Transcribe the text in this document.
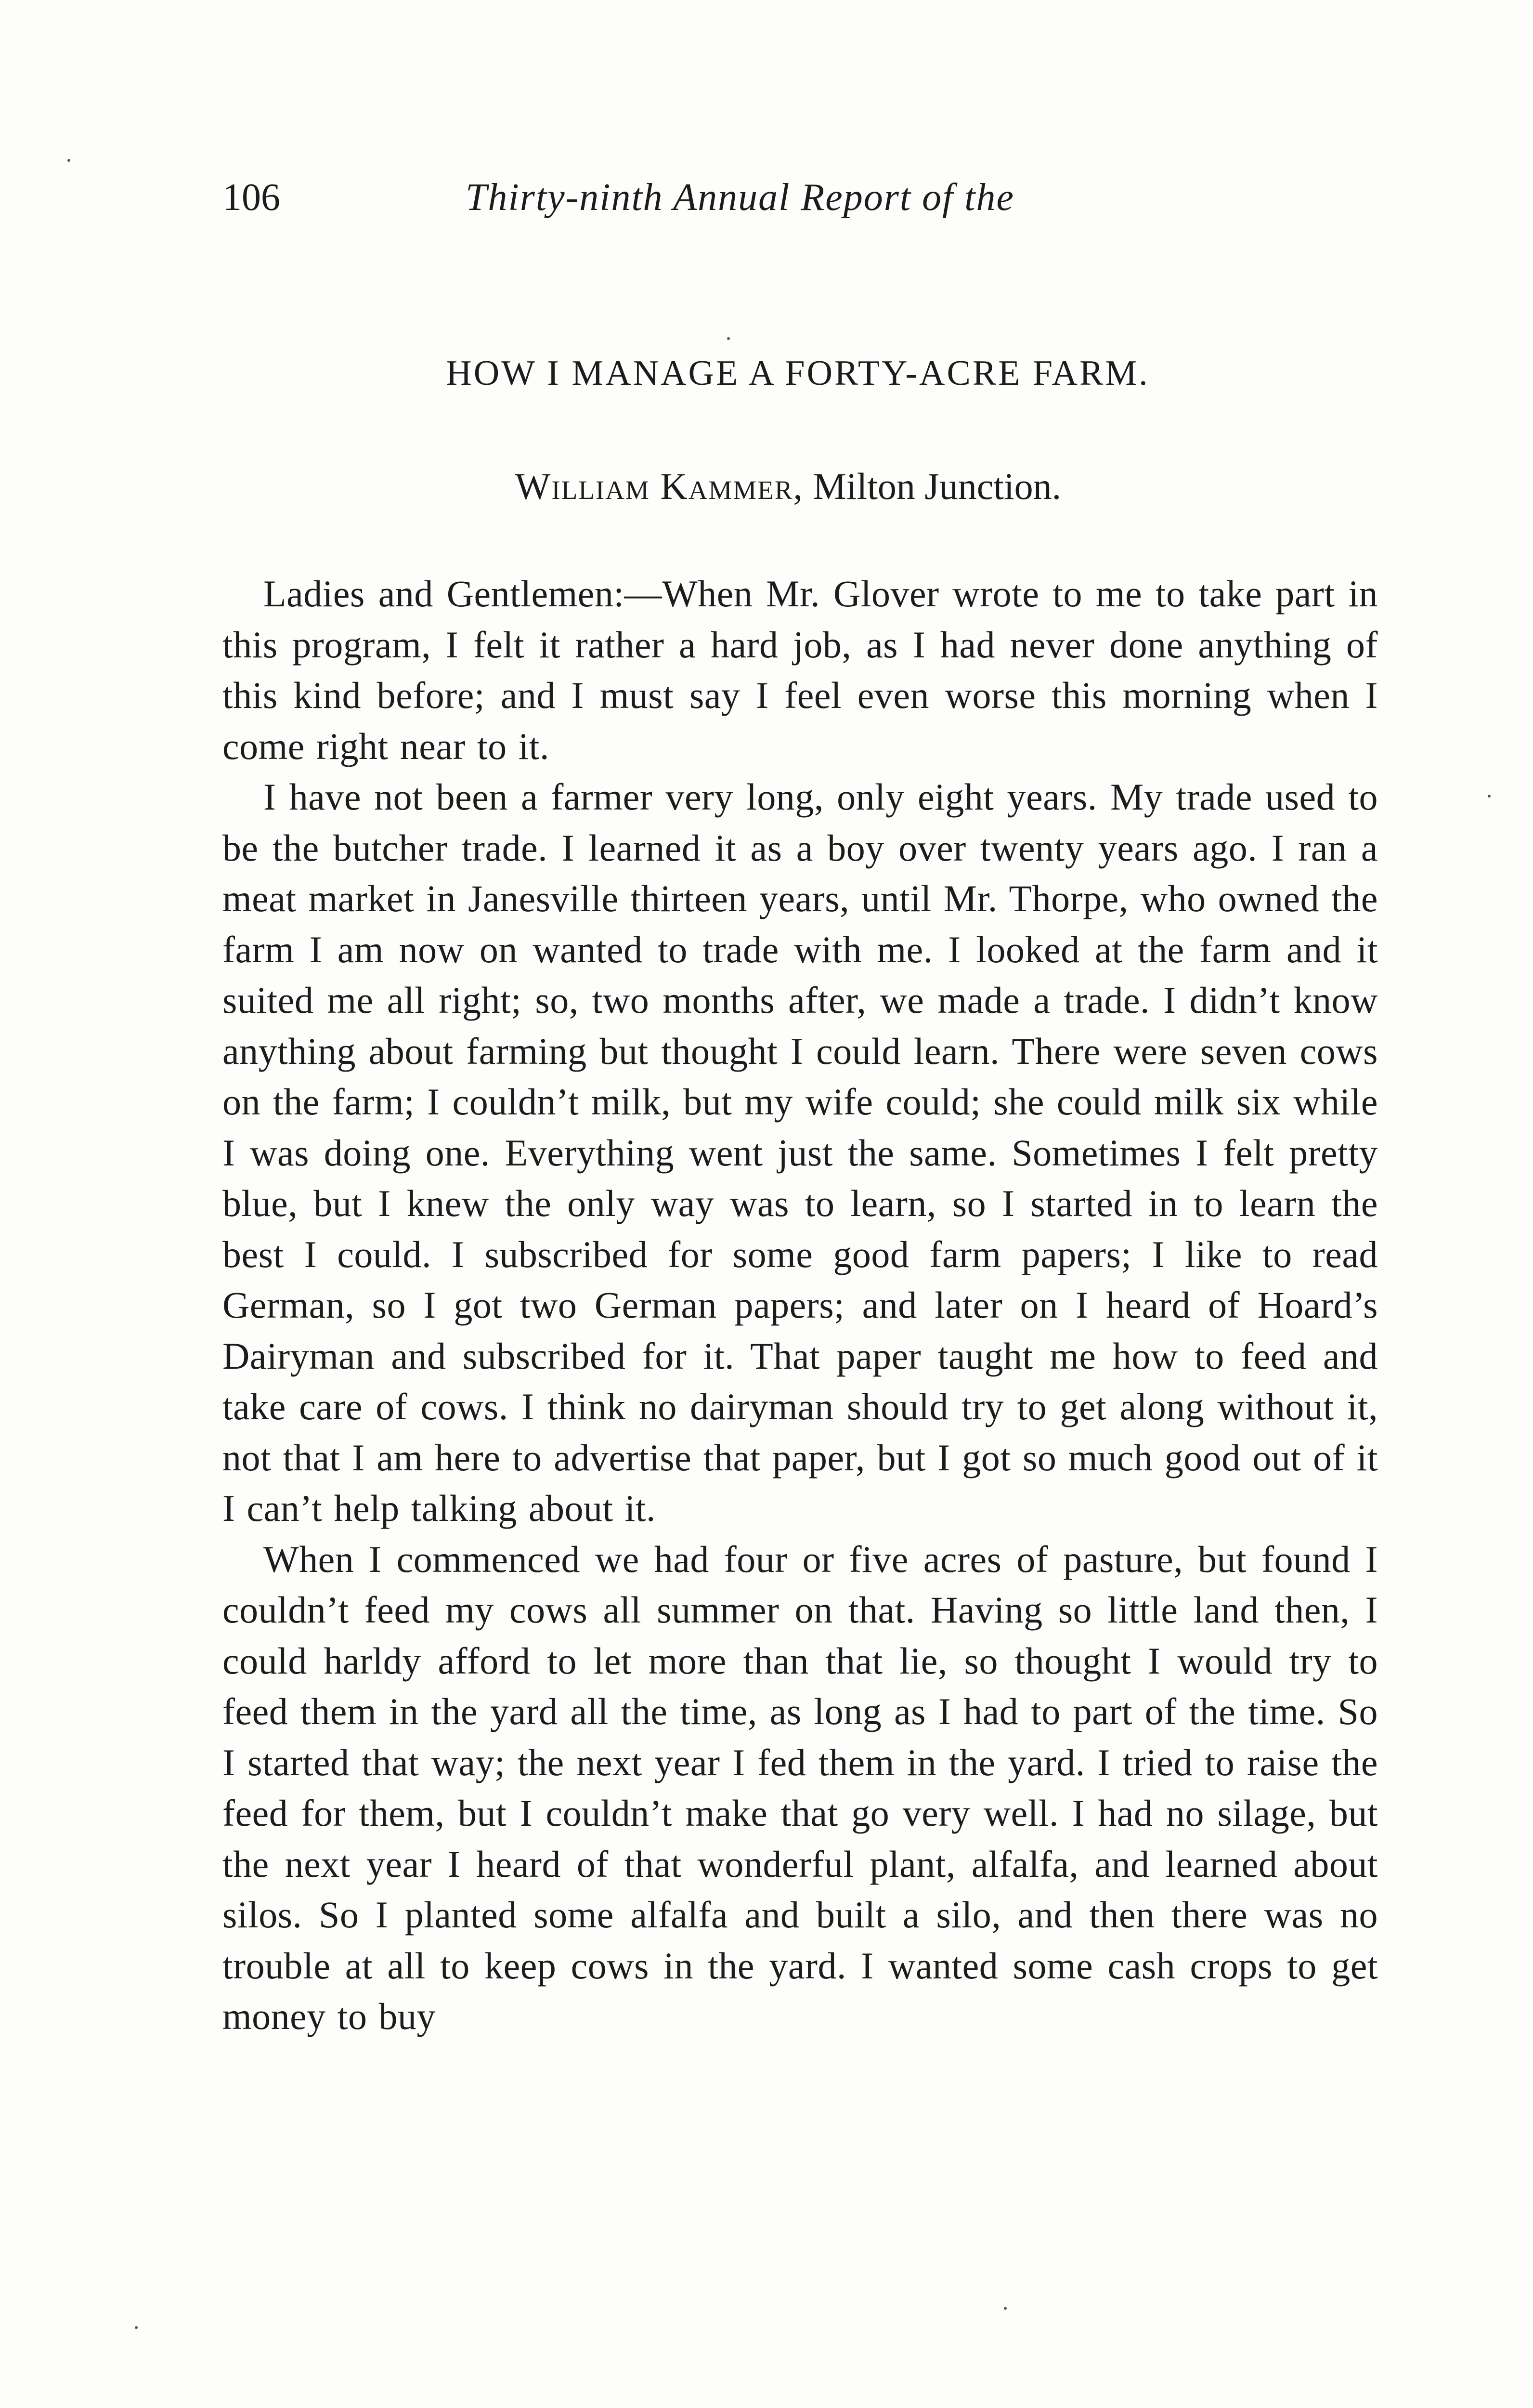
106	Thirty-ninth Annual Report of the
HOW I MANAGE A FORTY-ACRE FARM.
William Kammer, Milton Junction.

Ladies and Gentlemen:—When Mr. Glover wrote to me to take part in this program, I felt it rather a hard job, as I had never done anything of this kind before; and I must say I feel even worse this morning when I come right near to it.

I have not been a farmer very long, only eight years. My trade used to be the butcher trade. I learned it as a boy over twenty years ago. I ran a meat market in Janesville thirteen years, until Mr. Thorpe, who owned the farm I am now on wanted to trade with me. I looked at the farm and it suited me all right; so, two months after, we made a trade. I didn’t know anything about farming but thought I could learn. There were seven cows on the farm; I couldn’t milk, but my wife could; she could milk six while I was doing one. Everything went just the same. Sometimes I felt pretty blue, but I knew the only way was to learn, so I started in to learn the best I could. I subscribed for some good farm papers; I like to read German, so I got two German papers; and later on I heard of Hoard’s Dairyman and subscribed for it. That paper taught me how to feed and take care of cows. I think no dairyman should try to get along without it, not that I am here to advertise that paper, but I got so much good out of it I can’t help talking about it.

When I commenced we had four or five acres of pasture, but found I couldn’t feed my cows all summer on that. Having so little land then, I could harldy afford to let more than that lie, so thought I would try to feed them in the yard all the time, as long as I had to part of the time. So I started that way; the next year I fed them in the yard. I tried to raise the feed for them, but I couldn’t make that go very well. I had no silage, but the next year I heard of that wonderful plant, alfalfa, and learned about silos. So I planted some alfalfa and built a silo, and then there was no trouble at all to keep cows in the yard. I wanted some cash crops to get money to buy
